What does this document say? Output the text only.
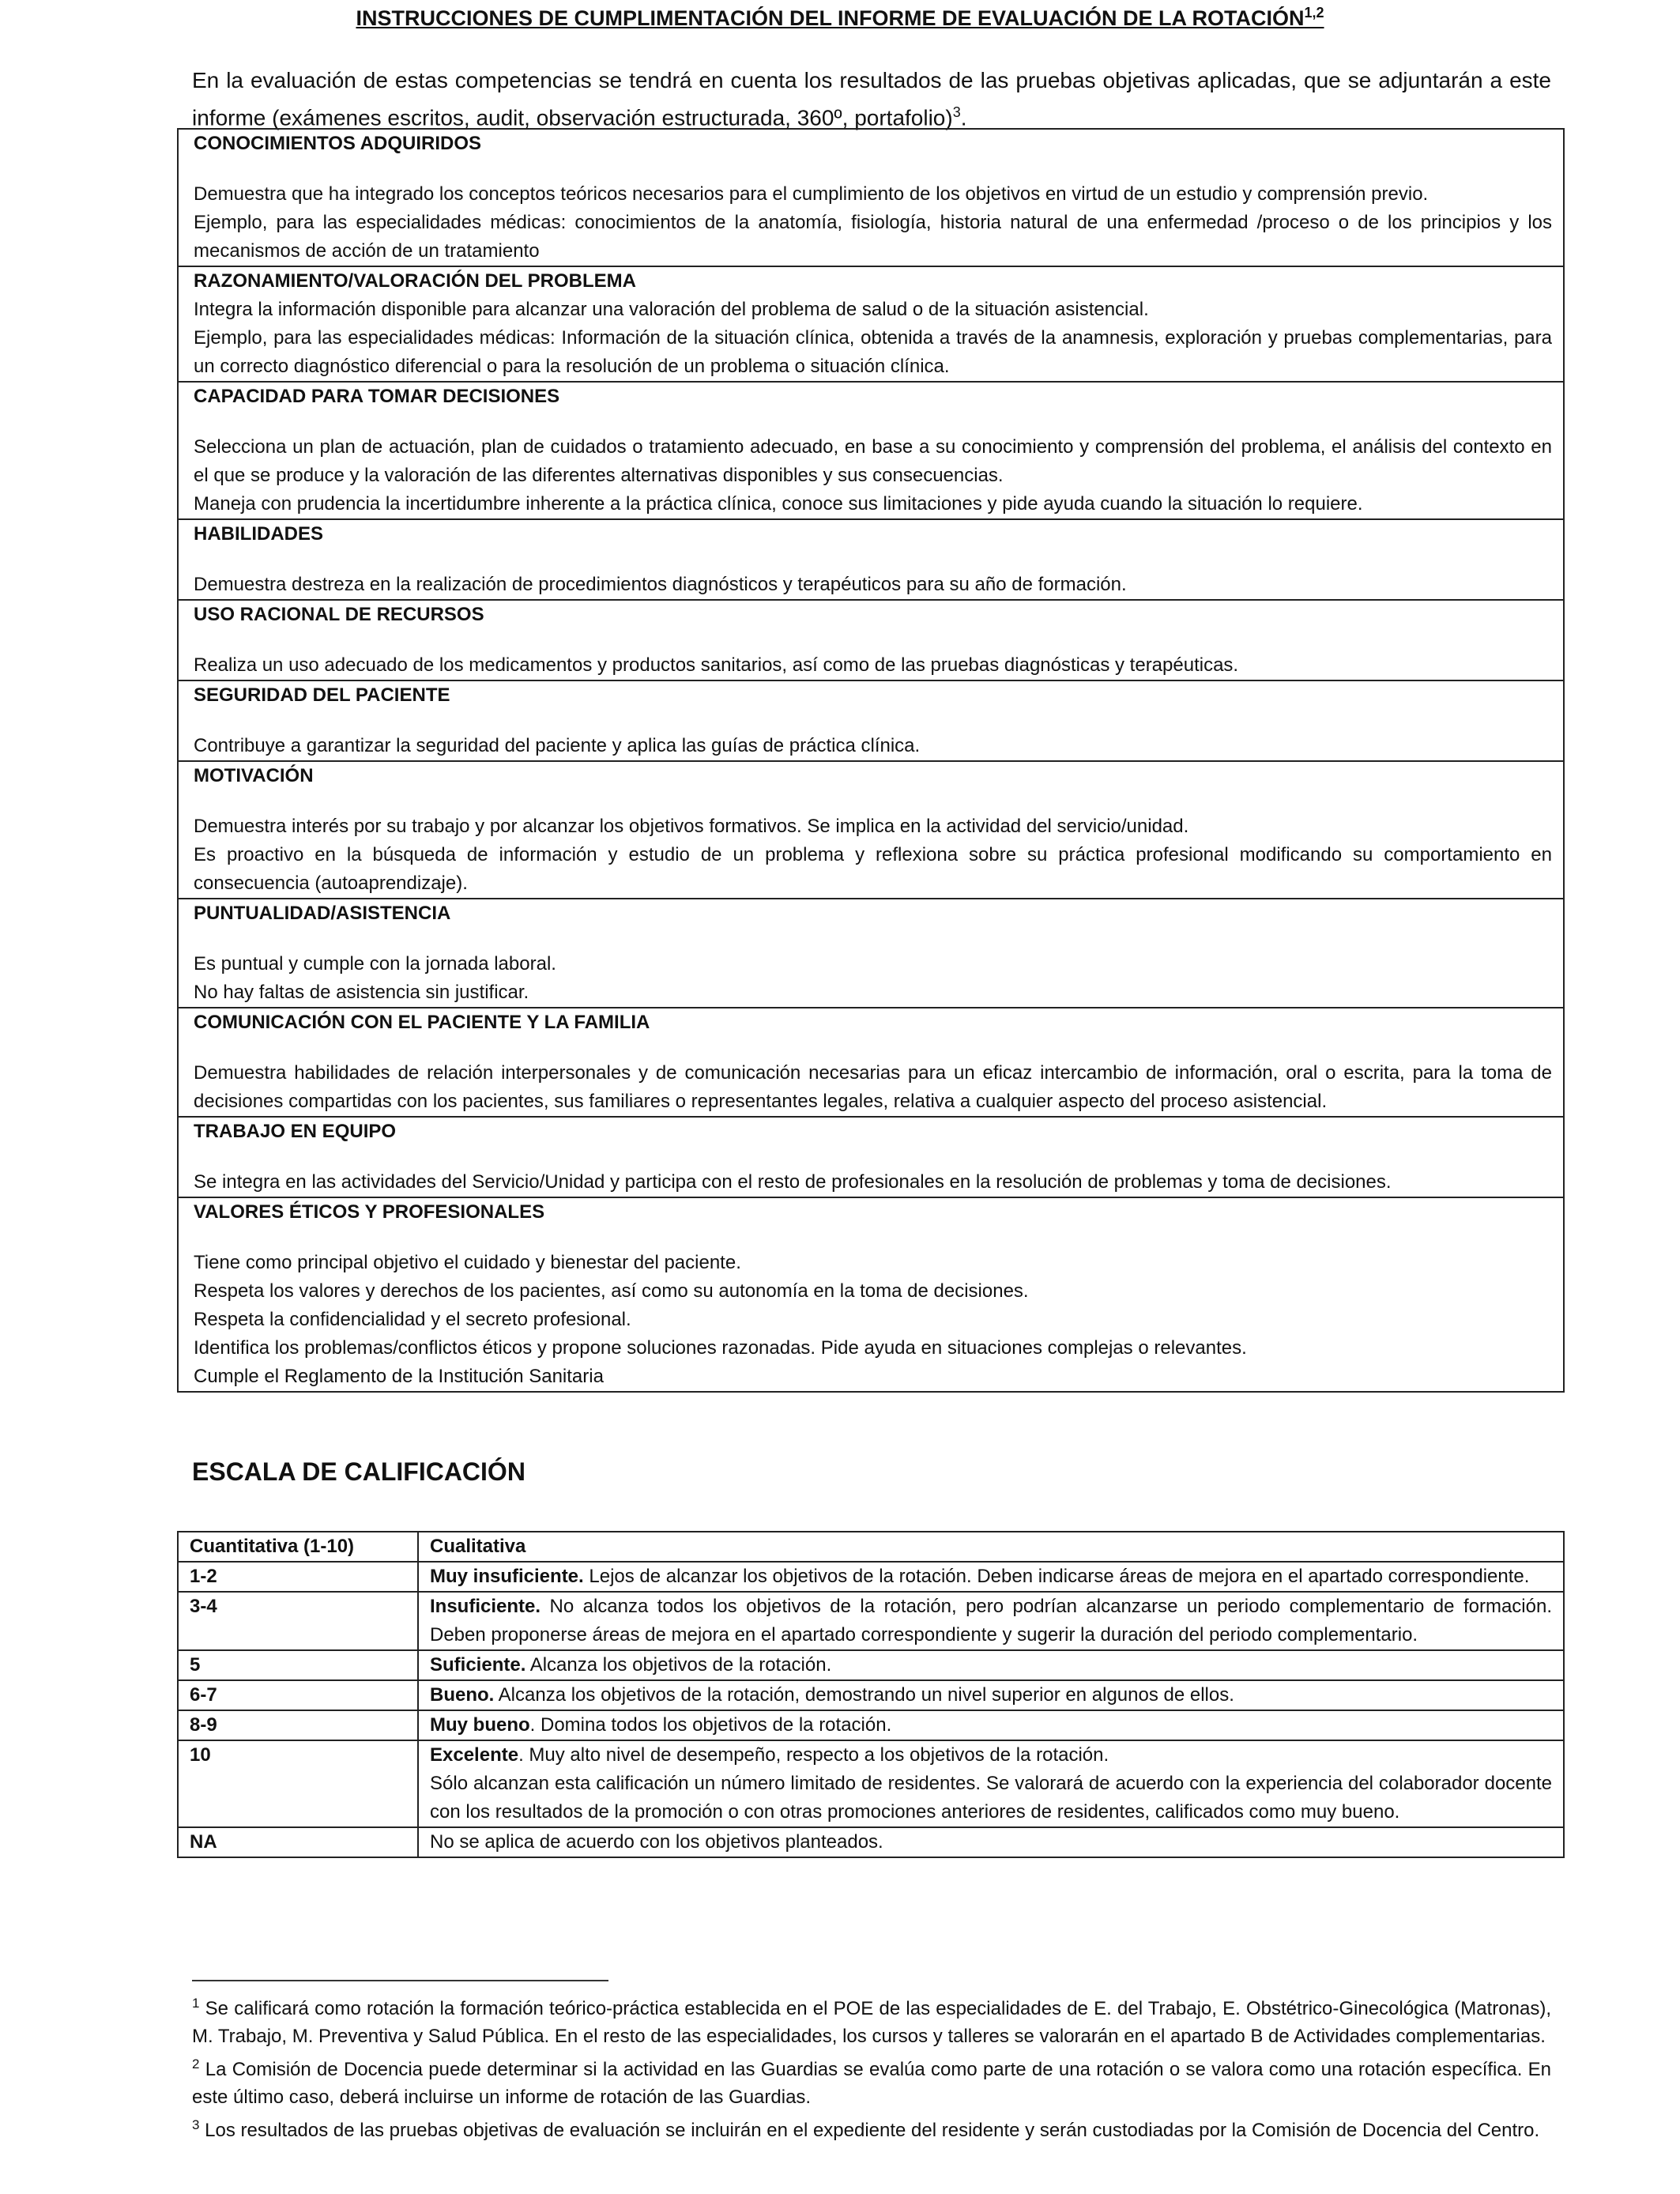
INSTRUCCIONES DE CUMPLIMENTACIÓN DEL INFORME DE EVALUACIÓN DE LA ROTACIÓN$^{1,2}$
En la evaluación de estas competencias se tendrá en cuenta los resultados de las pruebas objetivas aplicadas, que se adjuntarán a este informe (exámenes escritos, audit, observación estructurada, 360º, portafolio)$^3$.
CONOCIMIENTOS ADQUIRIDOS
Demuestra que ha integrado los conceptos teóricos necesarios para el cumplimiento de los objetivos en virtud de un estudio y comprensión previo.
Ejemplo, para las especialidades médicas: conocimientos de la anatomía, fisiología, historia natural de una enfermedad /proceso o de los principios y los mecanismos de acción de un tratamiento
RAZONAMIENTO/VALORACIÓN DEL PROBLEMA
Integra la información disponible para alcanzar una valoración del problema de salud o de la situación asistencial.
Ejemplo, para las especialidades médicas: Información de la situación clínica, obtenida a través de la anamnesis, exploración y pruebas complementarias, para un correcto diagnóstico diferencial o para la resolución de un problema o situación clínica.
CAPACIDAD PARA TOMAR DECISIONES
Selecciona un plan de actuación, plan de cuidados o tratamiento adecuado, en base a su conocimiento y comprensión del problema, el análisis del contexto en el que se produce y la valoración de las diferentes alternativas disponibles y sus consecuencias.
Maneja con prudencia la incertidumbre inherente a la práctica clínica, conoce sus limitaciones y pide ayuda cuando la situación lo requiere.
HABILIDADES
Demuestra destreza en la realización de procedimientos diagnósticos y terapéuticos para su año de formación.
USO RACIONAL DE RECURSOS
Realiza un uso adecuado de los medicamentos y productos sanitarios, así como de las pruebas diagnósticas y terapéuticas.
SEGURIDAD DEL PACIENTE
Contribuye a garantizar la seguridad del paciente y aplica las guías de práctica clínica.
MOTIVACIÓN
Demuestra interés por su trabajo y por alcanzar los objetivos formativos. Se implica en la actividad del servicio/unidad.
Es proactivo en la búsqueda de información y estudio de un problema y reflexiona sobre su práctica profesional modificando su comportamiento en consecuencia (autoaprendizaje).
PUNTUALIDAD/ASISTENCIA
Es puntual y cumple con la jornada laboral.
No hay faltas de asistencia sin justificar.
COMUNICACIÓN CON EL PACIENTE Y LA FAMILIA
Demuestra habilidades de relación interpersonales y de comunicación necesarias para un eficaz intercambio de información, oral o escrita, para la toma de decisiones compartidas con los pacientes, sus familiares o representantes legales, relativa a cualquier aspecto del proceso asistencial.
TRABAJO EN EQUIPO
Se integra en las actividades del Servicio/Unidad y participa con el resto de profesionales en la resolución de problemas y toma de decisiones.
VALORES ÉTICOS Y PROFESIONALES
Tiene como principal objetivo el cuidado y bienestar del paciente.
Respeta los valores y derechos de los pacientes, así como su autonomía en la toma de decisiones.
Respeta la confidencialidad y el secreto profesional.
Identifica los problemas/conflictos éticos y propone soluciones razonadas. Pide ayuda en situaciones complejas o relevantes.
Cumple el Reglamento de la Institución Sanitaria
ESCALA DE CALIFICACIÓN
Cuantitativa (1-10)	Cualitativa
1-2	Muy insuficiente. Lejos de alcanzar los objetivos de la rotación. Deben indicarse áreas de mejora en el apartado correspondiente.
3-4	Insuficiente. No alcanza todos los objetivos de la rotación, pero podrían alcanzarse un periodo complementario de formación. Deben proponerse áreas de mejora en el apartado correspondiente y sugerir la duración del periodo complementario.
5	Suficiente. Alcanza los objetivos de la rotación.
6-7	Bueno. Alcanza los objetivos de la rotación, demostrando un nivel superior en algunos de ellos.
8-9	Muy bueno. Domina todos los objetivos de la rotación.
10	Excelente. Muy alto nivel de desempeño, respecto a los objetivos de la rotación.
Sólo alcanzan esta calificación un número limitado de residentes. Se valorará de acuerdo con la experiencia del colaborador docente con los resultados de la promoción o con otras promociones anteriores de residentes, calificados como muy bueno.

NA	No se aplica de acuerdo con los objetivos planteados.
$^1$ Se calificará como rotación la formación teórico-práctica establecida en el POE de las especialidades de E. del Trabajo, E. Obstétrico-Ginecológica (Matronas), M. Trabajo, M. Preventiva y Salud Pública. En el resto de las especialidades, los cursos y talleres se valorarán en el apartado B de Actividades complementarias.
$^2$ La Comisión de Docencia puede determinar si la actividad en las Guardias se evalúa como parte de una rotación o se valora como una rotación específica. En este último caso, deberá incluirse un informe de rotación de las Guardias.
$^3$ Los resultados de las pruebas objetivas de evaluación se incluirán en el expediente del residente y serán custodiadas por la Comisión de Docencia del Centro.
